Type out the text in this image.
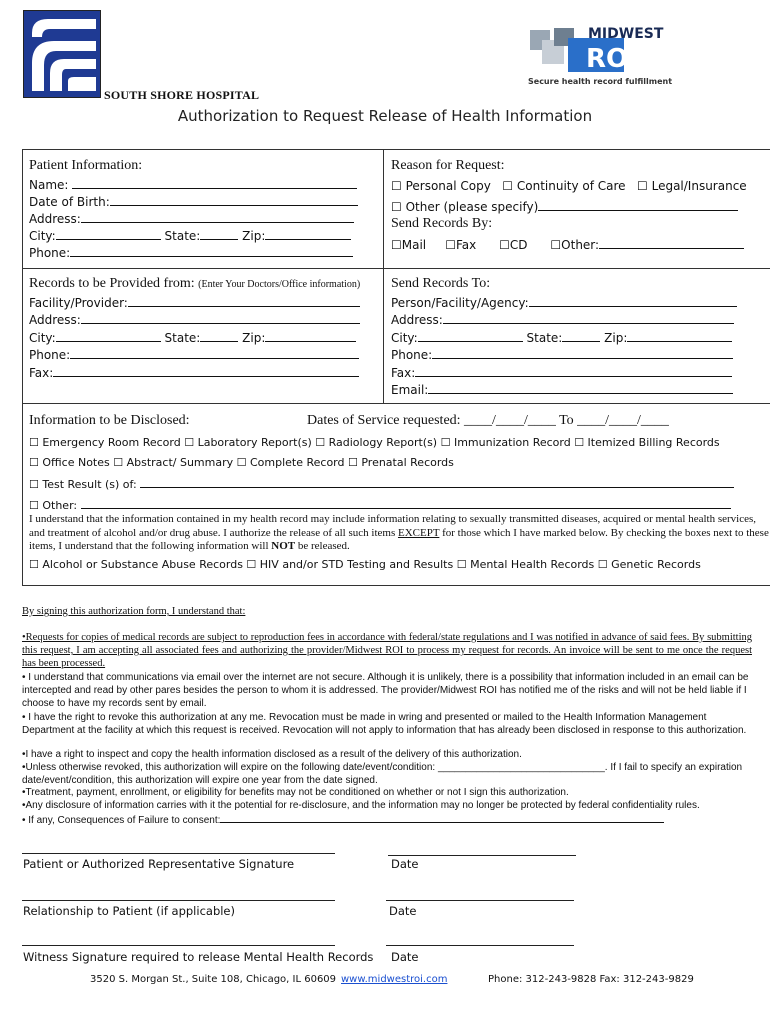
SOUTH SHORE HOSPITAL
MIDWEST
ROI
Secure health record fulfillment
Authorization to Request Release of Health Information
Patient Information:
Name:
Date of Birth:
Address:
City:	State:	Zip:
Phone:
Reason for Request:
☐ Personal Copy ☐ Continuity of Care ☐ Legal/Insurance
☐ Other (please specify)
Send Records By:
☐Mail ☐Fax ☐CD ☐Other:
Records to be Provided from: (Enter Your Doctors/Office information)
Facility/Provider:
Address:
City:	State:	Zip:
Phone:
Fax:
Send Records To:
Person/Facility/Agency:
Address:
City:	State:	Zip:
Phone:
Fax:
Email:
Information to be Disclosed:	Dates of Service requested: ____/____/____ To ____/____/____
☐ Emergency Room Record ☐ Laboratory Report(s) ☐ Radiology Report(s) ☐ Immunization Record ☐ Itemized Billing Records
☐ Office Notes ☐ Abstract/ Summary ☐ Complete Record ☐ Prenatal Records
☐ Test Result (s) of:
☐ Other:
I understand that the information contained in my health record may include information relating to sexually transmitted diseases, acquired or mental health services, and treatment of alcohol and/or drug abuse. I authorize the release of all such items EXCEPT for those which I have marked below. By checking the boxes next to these items, I understand that the following information will NOT be released.
☐ Alcohol or Substance Abuse Records ☐ HIV and/or STD Testing and Results ☐ Mental Health Records ☐ Genetic Records
By signing this authorization form, I understand that:
•Requests for copies of medical records are subject to reproduction fees in accordance with federal/state regulations and I was notified in advance of said fees. By submitting this request, I am accepting all associated fees and authorizing the provider/Midwest ROI to process my request for records. An invoice will be sent to me once the request has been processed.
• I understand that communications via email over the internet are not secure. Although it is unlikely, there is a possibility that information included in an email can be intercepted and read by other pares besides the person to whom it is addressed. The provider/Midwest ROI has notified me of the risks and will not be held liable if I choose to have my records sent by email.
• I have the right to revoke this authorization at any me. Revocation must be made in wring and presented or mailed to the Health Information Management Department at the facility at which this request is received. Revocation will not apply to information that has already been disclosed in response to this authorization.
•I have a right to inspect and copy the health information disclosed as a result of the delivery of this authorization.
•Unless otherwise revoked, this authorization will expire on the following date/event/condition: ______________________________. If I fail to specify an expiration date/event/condition, this authorization will expire one year from the date signed.
•Treatment, payment, enrollment, or eligibility for benefits may not be conditioned on whether or not I sign this authorization.
•Any disclosure of information carries with it the potential for re-disclosure, and the information may no longer be protected by federal confidentiality rules.
• If any, Consequences of Failure to consent:
Patient or Authorized Representative Signature	Date
Relationship to Patient (if applicable)	Date
Witness Signature required to release Mental Health Records Date
3520 S. Morgan St., Suite 108, Chicago, IL 60609 www.midwestroi.com	Phone: 312-243-9828 Fax: 312-243-9829
